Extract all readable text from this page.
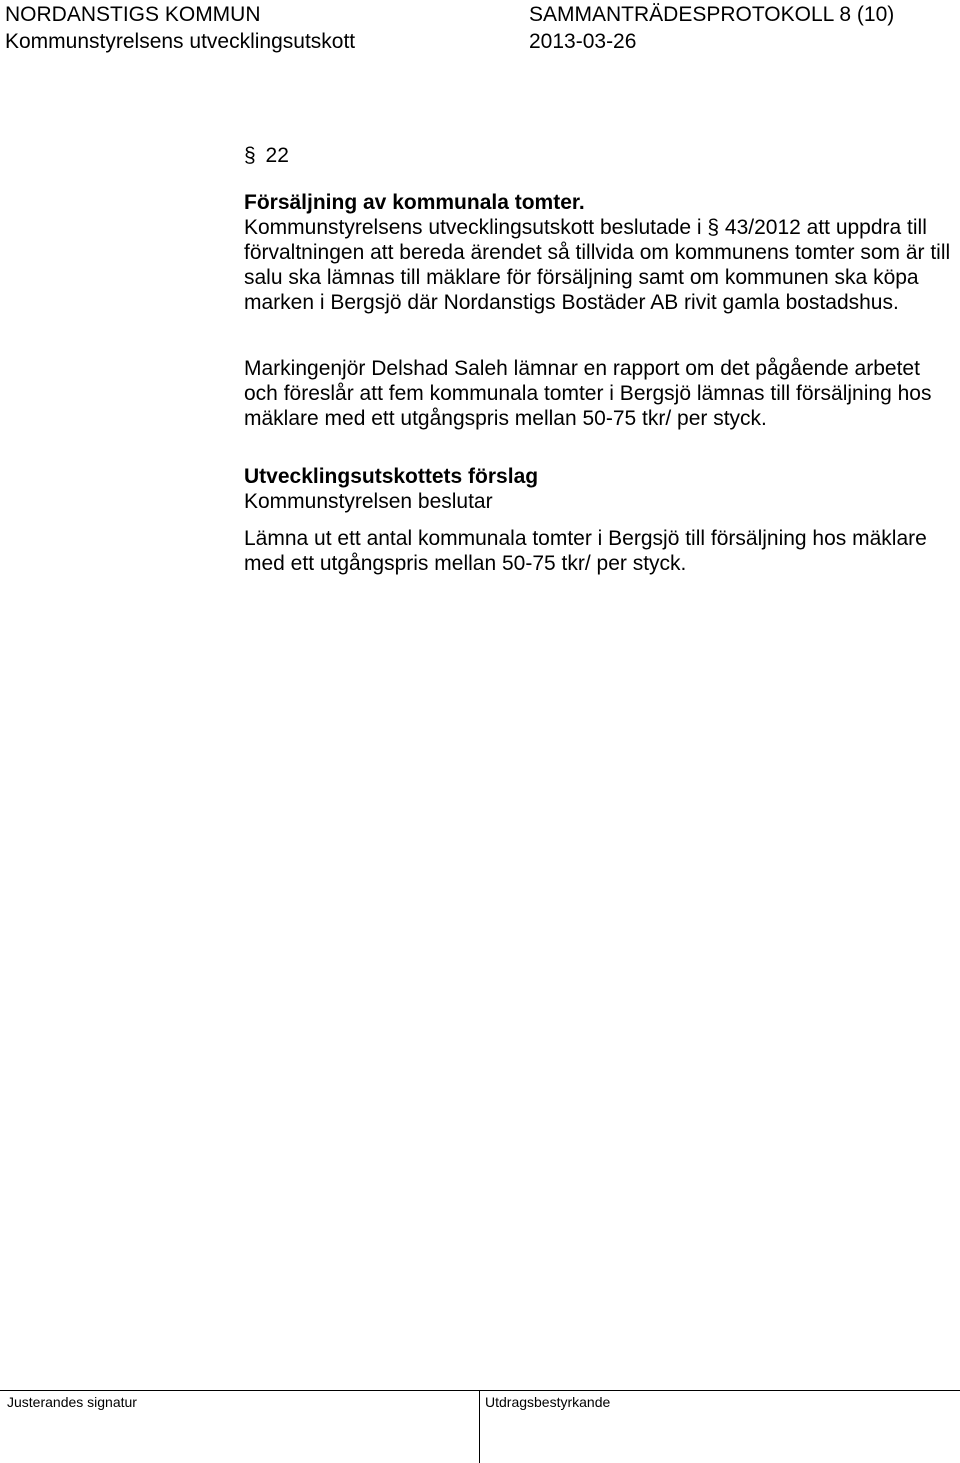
NORDANSTIGS KOMMUN
Kommunstyrelsens utvecklingsutskott
SAMMANTRÄDESPROTOKOLL 8 (10)
2013-03-26
§ 22
Försäljning av kommunala tomter.

Kommunstyrelsens utvecklingsutskott beslutade i § 43/2012 att uppdra till förvaltningen att bereda ärendet så tillvida om kommunens tomter som är till salu ska lämnas till mäklare för försäljning samt om kommunen ska köpa marken i Bergsjö där Nordanstigs Bostäder AB rivit gamla bostadshus.

Markingenjör Delshad Saleh lämnar en rapport om det pågående arbetet och föreslår att fem kommunala tomter i Bergsjö lämnas till försäljning hos mäklare med ett utgångspris mellan 50-75 tkr/ per styck.

Utvecklingsutskottets förslag
Kommunstyrelsen beslutar

Lämna ut ett antal kommunala tomter i Bergsjö till försäljning hos mäklare med ett utgångspris mellan 50-75 tkr/ per styck.

Justerandes signatur	Utdragsbestyrkande
